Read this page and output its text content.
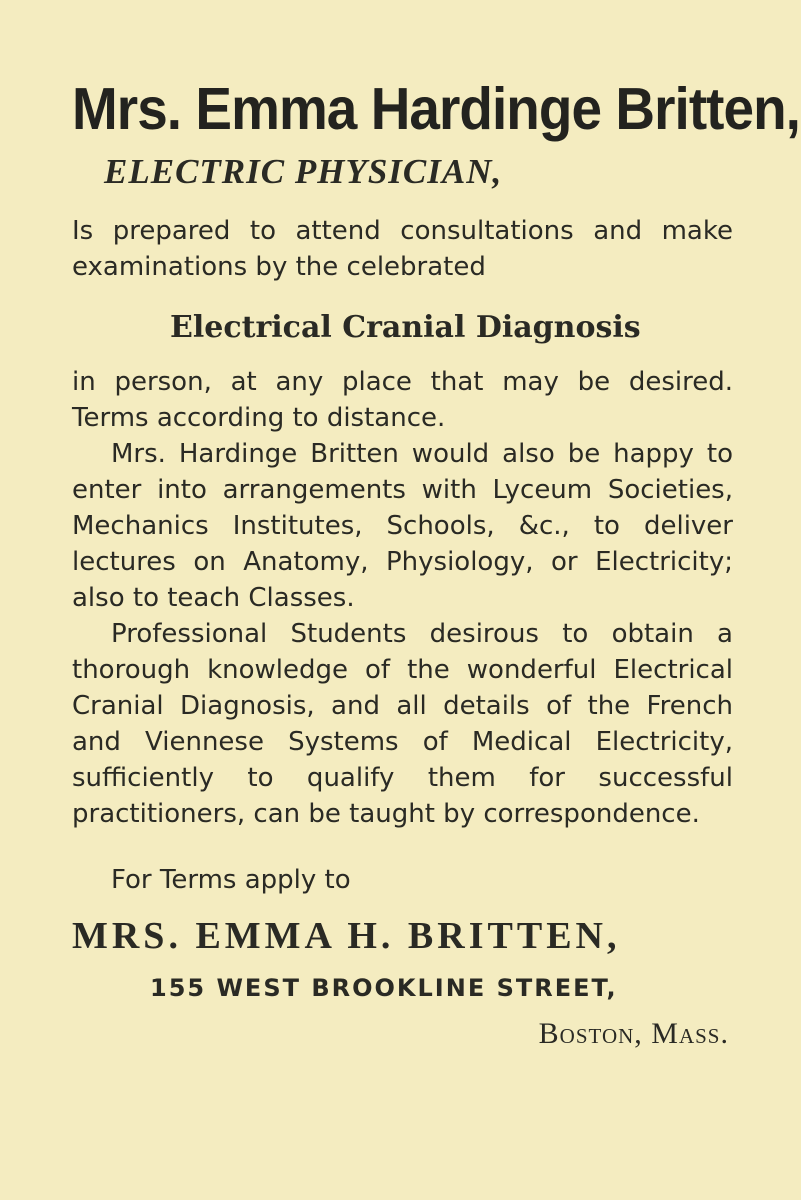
Mrs. Emma Hardinge Britten,
ELECTRIC PHYSICIAN,

Is prepared to attend consultations and make examinations by the celebrated

Electrical Cranial Diagnosis

in person, at any place that may be desired. Terms according to distance.

Mrs. Hardinge Britten would also be happy to enter into arrangements with Lyceum Societies, Mechanics Institutes, Schools, &c., to deliver lectures on Anatomy, Physiology, or Electricity; also to teach Classes.

Professional Students desirous to obtain a thorough knowledge of the wonderful Electrical Cranial Diagnosis, and all details of the French and Viennese Systems of Medical Electricity, sufficiently to qualify them for successful practitioners, can be taught by correspondence.

For Terms apply to

MRS. EMMA H. BRITTEN,
155 WEST BROOKLINE STREET,
Boston, Mass.
